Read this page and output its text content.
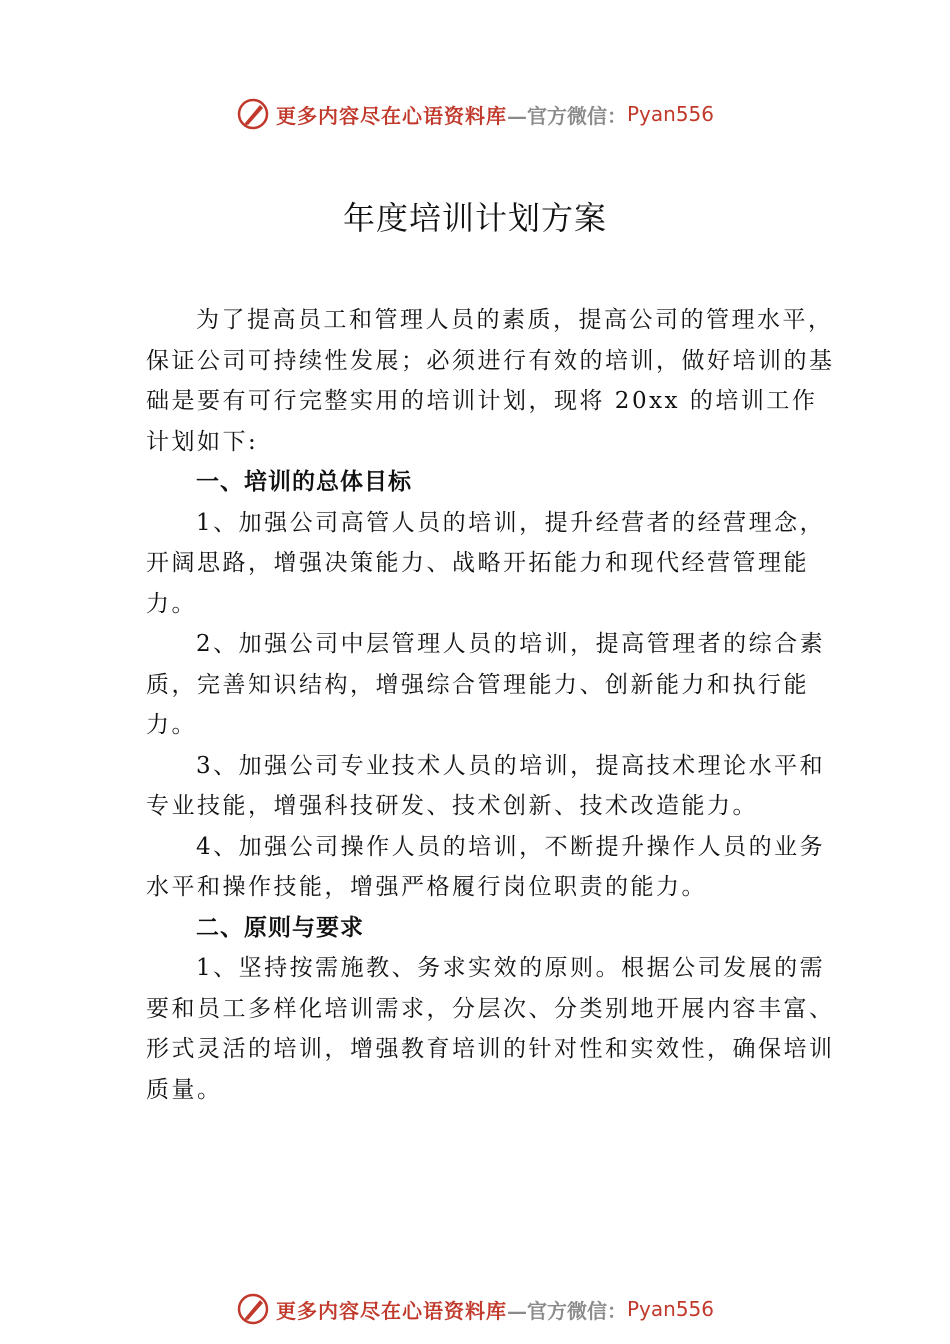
更多内容尽在心语资料库 —官方微信： Pyan556
年度培训计划方案

为了提高员工和管理人员的素质，提高公司的管理水平，保证公司可持续性发展；必须进行有效的培训，做好培训的基础是要有可行完整实用的培训计划，现将 20xx 的培训工作计划如下:

一、培训的总体目标

1、加强公司高管人员的培训，提升经营者的经营理念，开阔思路，增强决策能力、战略开拓能力和现代经营管理能力。

2、加强公司中层管理人员的培训，提高管理者的综合素质，完善知识结构，增强综合管理能力、创新能力和执行能力。

3、加强公司专业技术人员的培训，提高技术理论水平和专业技能，增强科技研发、技术创新、技术改造能力。

4、加强公司操作人员的培训，不断提升操作人员的业务水平和操作技能，增强严格履行岗位职责的能力。

二、原则与要求

1、坚持按需施教、务求实效的原则。根据公司发展的需要和员工多样化培训需求，分层次、分类别地开展内容丰富、形式灵活的培训，增强教育培训的针对性和实效性，确保培训质量。

更多内容尽在心语资料库 —官方微信： Pyan556
